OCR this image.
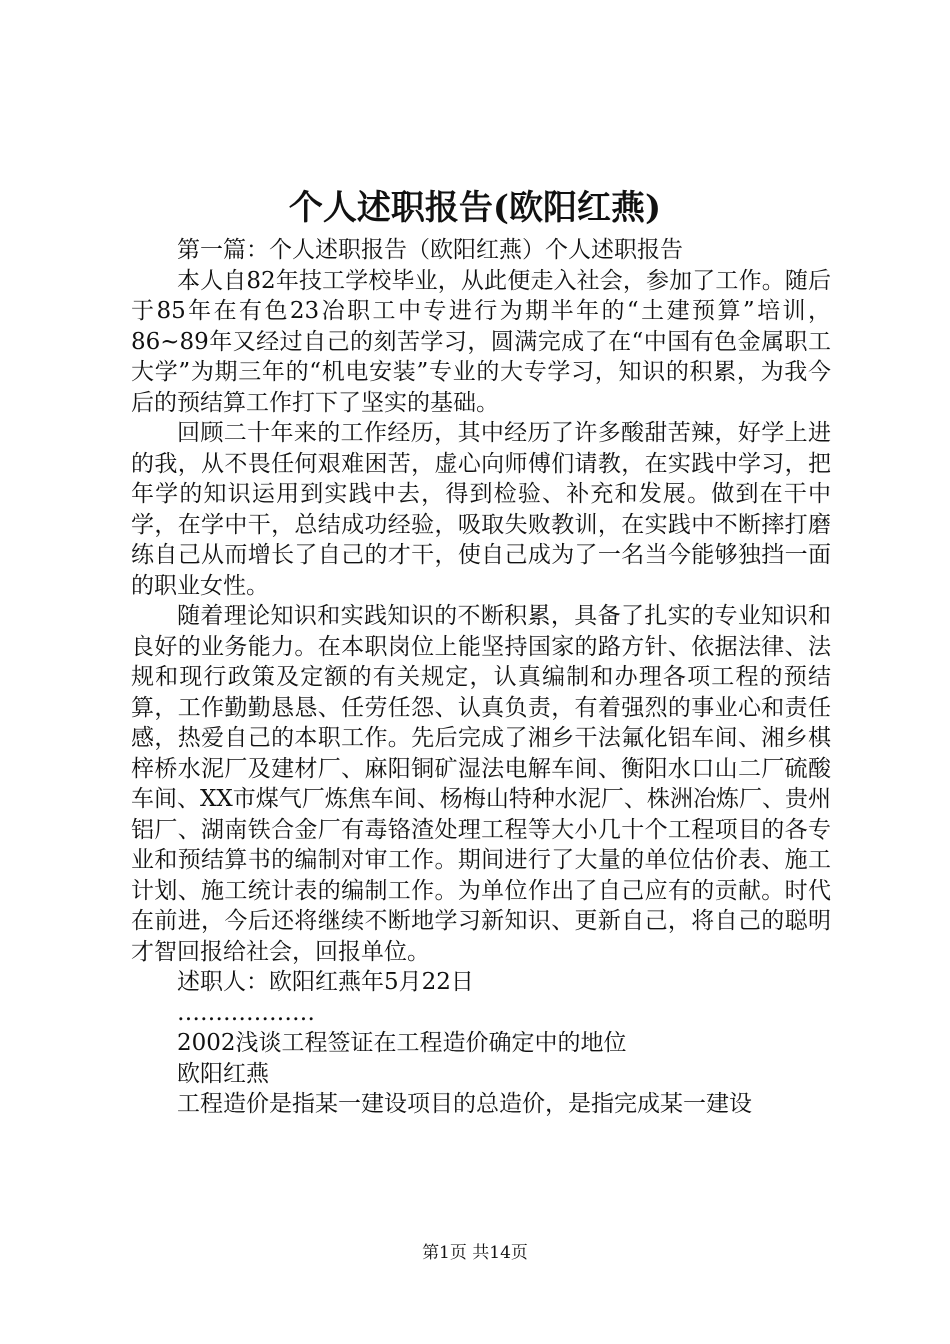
个人述职报告(欧阳红燕)

第一篇：个人述职报告（欧阳红燕）个人述职报告

本人自82年技工学校毕业，从此便走入社会，参加了工作。随后于85年在有色23冶职工中专进行为期半年的“土建预算”培训，86~89年又经过自己的刻苦学习，圆满完成了在“中国有色金属职工大学”为期三年的“机电安装”专业的大专学习，知识的积累，为我今后的预结算工作打下了坚实的基础。

回顾二十年来的工作经历，其中经历了许多酸甜苦辣，好学上进的我，从不畏任何艰难困苦，虚心向师傅们请教，在实践中学习，把年学的知识运用到实践中去，得到检验、补充和发展。做到在干中学，在学中干，总结成功经验，吸取失败教训，在实践中不断摔打磨练自己从而增长了自己的才干，使自己成为了一名当今能够独挡一面的职业女性。

随着理论知识和实践知识的不断积累，具备了扎实的专业知识和良好的业务能力。在本职岗位上能坚持国家的路方针、依据法律、法规和现行政策及定额的有关规定，认真编制和办理各项工程的预结算，工作勤勤恳恳、任劳任怨、认真负责，有着强烈的事业心和责任感，热爱自己的本职工作。先后完成了湘乡干法氟化铝车间、湘乡棋梓桥水泥厂及建材厂、麻阳铜矿湿法电解车间、衡阳水口山二厂硫酸车间、XX市煤气厂炼焦车间、杨梅山特种水泥厂、株洲冶炼厂、贵州铝厂、湖南铁合金厂有毒铬渣处理工程等大小几十个工程项目的各专业和预结算书的编制对审工作。期间进行了大量的单位估价表、施工计划、施工统计表的编制工作。为单位作出了自己应有的贡献。时代在前进，今后还将继续不断地学习新知识、更新自己，将自己的聪明才智回报给社会，回报单位。

述职人：欧阳红燕年5月22日

………………

2002浅谈工程签证在工程造价确定中的地位

欧阳红燕

工程造价是指某一建设项目的总造价，是指完成某一建设

第1页 共14页
